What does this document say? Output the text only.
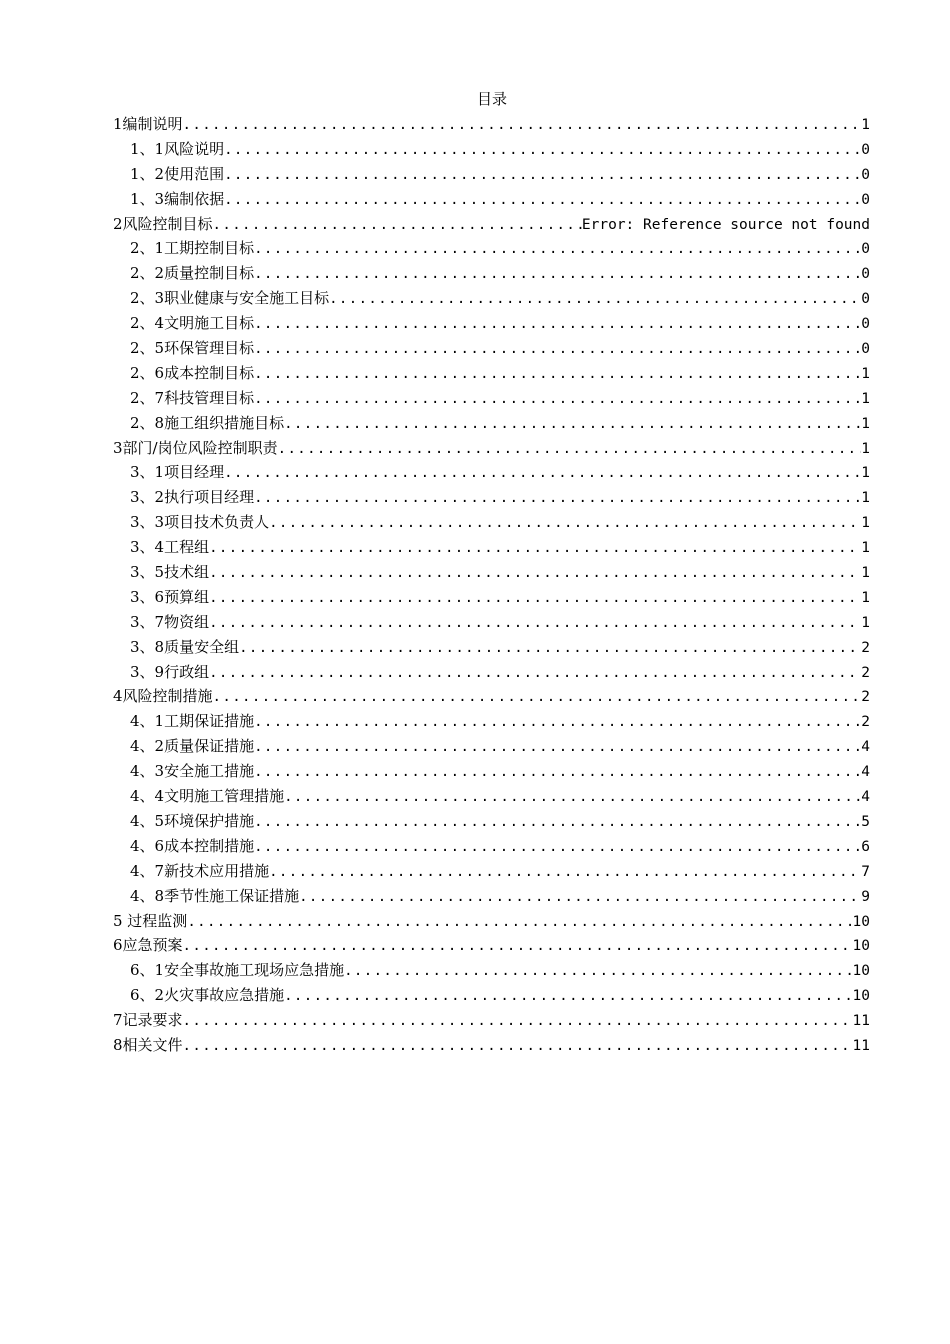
目录
1编制说明 .....	1
1、1风险说明 .....	0
1、2使用范围 .....	0
1、3编制依据 .....	0
2风险控制目标 .....	Error: Reference source not found
2、1工期控制目标 .....	0
2、2质量控制目标 .....	0
2、3职业健康与安全施工目标 .....	0
2、4文明施工目标 .....	0
2、5环保管理目标 .....	0
2、6成本控制目标 .....	1
2、7科技管理目标 .....	1
2、8施工组织措施目标 .....	1
3部门/岗位风险控制职责 .....	1
3、1项目经理 .....	1
3、2执行项目经理 .....	1
3、3项目技术负责人 .....	1
3、4工程组 .....	1
3、5技术组 .....	1
3、6预算组 .....	1
3、7物资组 .....	1
3、8质量安全组 .....	2
3、9行政组 .....	2
4风险控制措施 .....	2
4、1工期保证措施 .....	2
4、2质量保证措施 .....	4
4、3安全施工措施 .....	4
4、4文明施工管理措施 .....	4
4、5环境保护措施 .....	5
4、6成本控制措施 .....	6
4、7新技术应用措施 .....	7
4、8季节性施工保证措施 .....	9
5 过程监测 .....	10
6应急预案 .....	10
6、1安全事故施工现场应急措施 .....	10
6、2火灾事故应急措施 .....	10
7记录要求 .....	11
8相关文件 .....	11
